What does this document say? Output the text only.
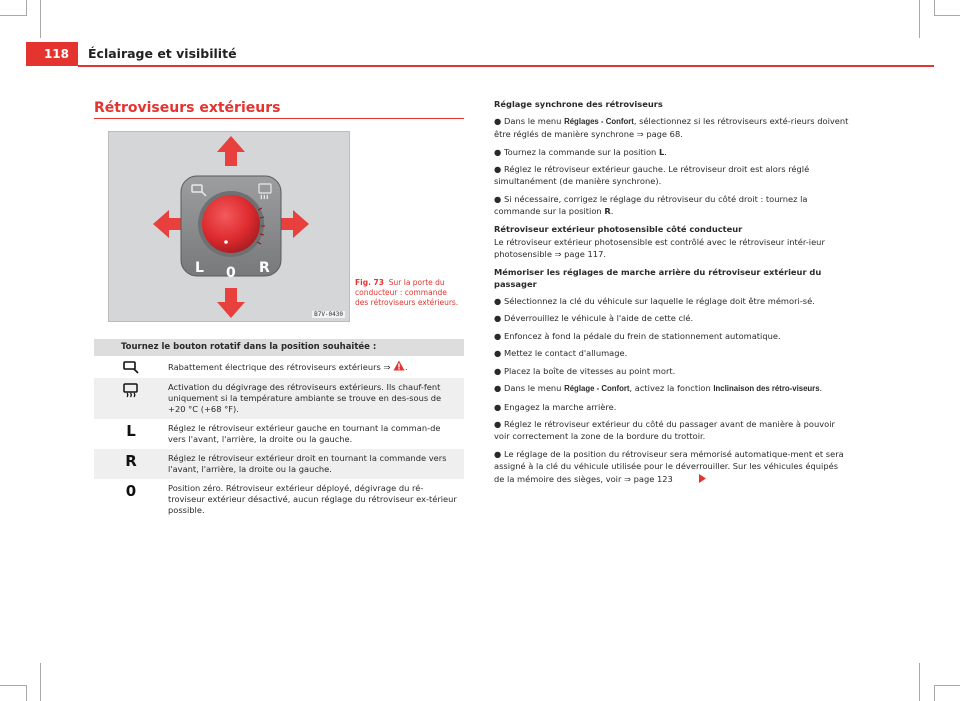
118	Éclairage et visibilité
Rétroviseurs extérieurs
L 0 R
B7V-0430
Fig. 73 Sur la porte du conducteur : commande des rétroviseurs extérieurs.
Tournez le bouton rotatif dans la position souhaitée :
Rabattement électrique des rétroviseurs extérieurs ⇒ .
Activation du dégivrage des rétroviseurs extérieurs. Ils chauf-fent uniquement si la température ambiante se trouve en des-sous de +20 °C (+68 °F).
L	Réglez le rétroviseur extérieur gauche en tournant la comman-de vers l'avant, l'arrière, la droite ou la gauche.
R	Réglez le rétroviseur extérieur droit en tournant la commande vers l'avant, l'arrière, la droite ou la gauche.
0	Position zéro. Rétroviseur extérieur déployé, dégivrage du ré-troviseur extérieur désactivé, aucun réglage du rétroviseur ex-térieur possible.

Réglage synchrone des rétroviseurs

● Dans le menu Réglages - Confort, sélectionnez si les rétroviseurs exté-rieurs doivent être réglés de manière synchrone ⇒ page 68.

● Tournez la commande sur la position L.

● Réglez le rétroviseur extérieur gauche. Le rétroviseur droit est alors réglé simultanément (de manière synchrone).

● Si nécessaire, corrigez le réglage du rétroviseur du côté droit : tournez la commande sur la position R.

Rétroviseur extérieur photosensible côté conducteur

Le rétroviseur extérieur photosensible est contrôlé avec le rétroviseur intér-ieur photosensible ⇒ page 117.

Mémoriser les réglages de marche arrière du rétroviseur extérieur du passager

● Sélectionnez la clé du véhicule sur laquelle le réglage doit être mémori-sé.

● Déverrouillez le véhicule à l'aide de cette clé.

● Enfoncez à fond la pédale du frein de stationnement automatique.

● Mettez le contact d'allumage.

● Placez la boîte de vitesses au point mort.

● Dans le menu Réglage - Confort, activez la fonction Inclinaison des rétro-viseurs.

● Engagez la marche arrière.

● Réglez le rétroviseur extérieur du côté du passager avant de manière à pouvoir voir correctement la zone de la bordure du trottoir.

● Le réglage de la position du rétroviseur sera mémorisé automatique-ment et sera assigné à la clé du véhicule utilisée pour le déverrouiller. Sur les véhicules équipés de la mémoire des sièges, voir ⇒ page 123
